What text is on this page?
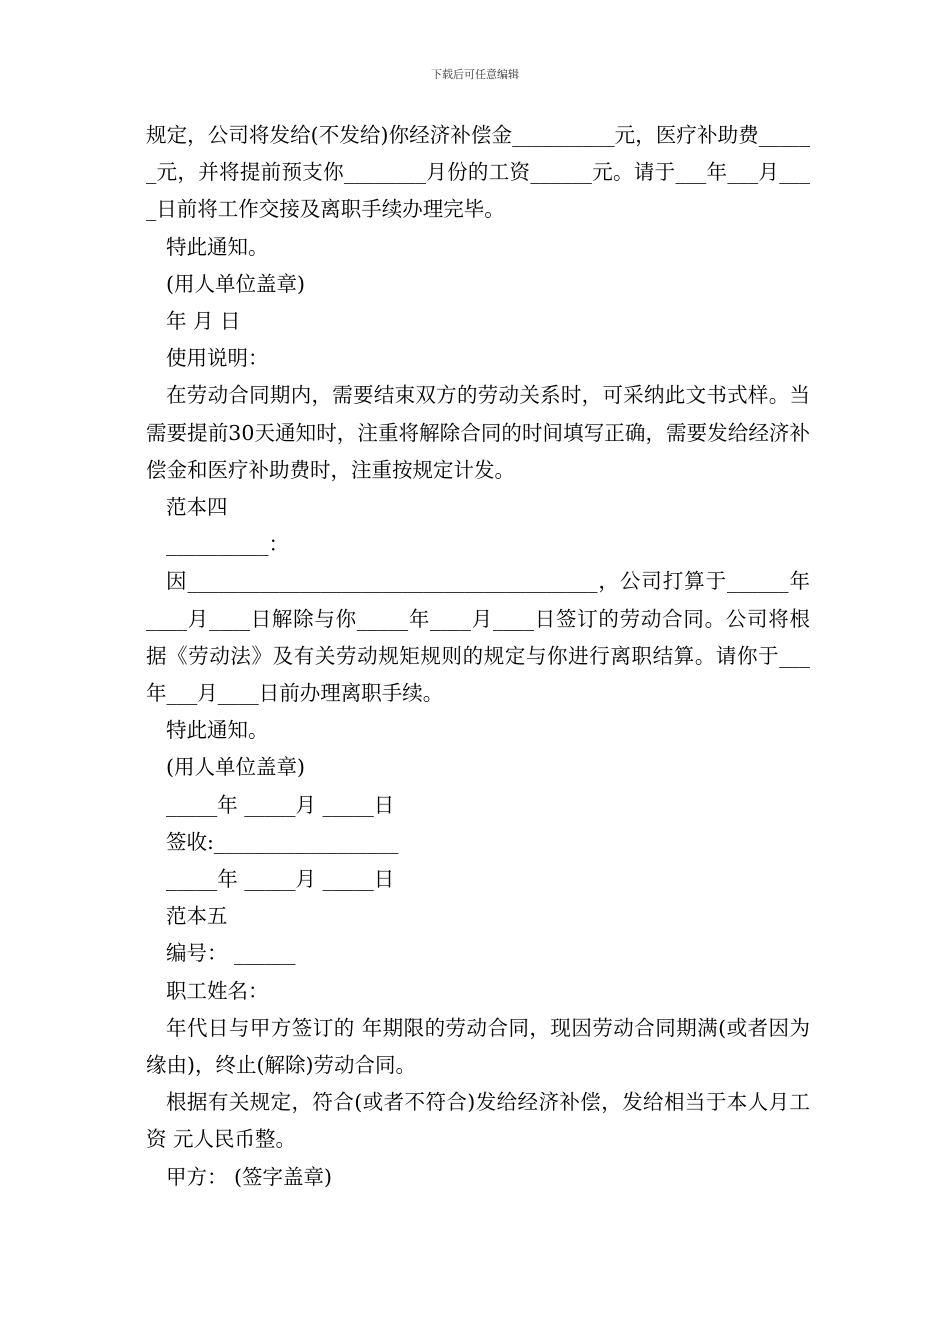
下载后可任意编辑

规定，公司将发给(不发给)你经济补偿金__________元，医疗补助费______元，并将提前预支你________月份的工资______元。请于___年___月____日前将工作交接及离职手续办理完毕。

特此通知。

(用人单位盖章)

年 月 日

使用说明：

在劳动合同期内，需要结束双方的劳动关系时，可采纳此文书式样。当需要提前30天通知时，注重将解除合同的时间填写正确，需要发给经济补偿金和医疗补助费时，注重按规定计发。

范本四

__________：

因________________________________________，公司打算于______年____月____日解除与你_____年____月____日签订的劳动合同。公司将根据《劳动法》及有关劳动规矩规则的规定与你进行离职结算。请你于___年___月____日前办理离职手续。

特此通知。

(用人单位盖章)

_____年 _____月 _____日

签收:__________________

_____年 _____月 _____日

范本五

编号： ______

职工姓名：

年代日与甲方签订的 年期限的劳动合同，现因劳动合同期满(或者因为 缘由)，终止(解除)劳动合同。

根据有关规定，符合(或者不符合)发给经济补偿，发给相当于本人月工资 元人民币整。

甲方： (签字盖章)
